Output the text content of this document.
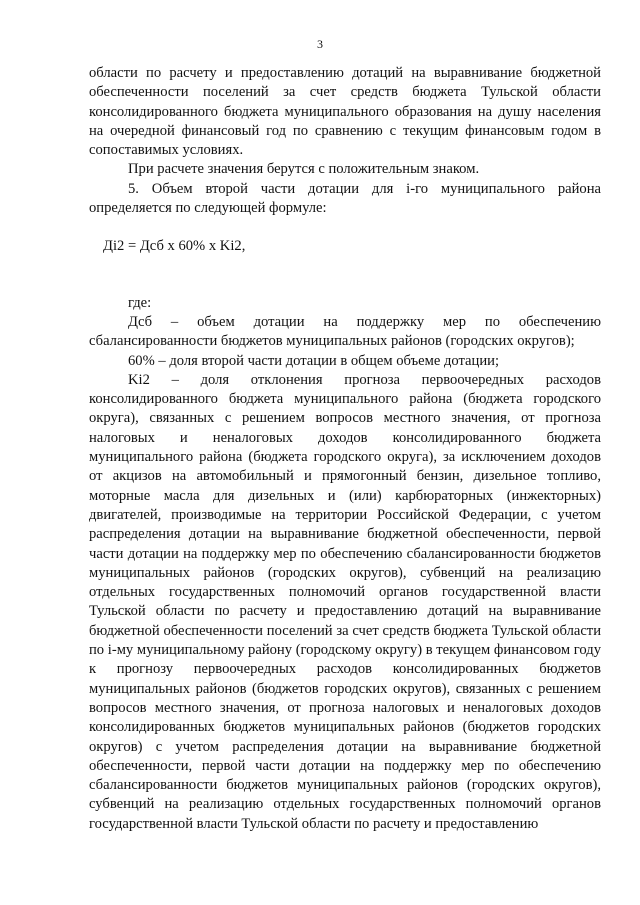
3

области по расчету и предоставлению дотаций на выравнивание бюджетной обеспеченности поселений за счет средств бюджета Тульской области консолидированного бюджета муниципального образования на душу населения на очередной финансовый год по сравнению с текущим финансовым годом в сопоставимых условиях.

При расчете значения берутся с положительным знаком.

5. Объем второй части дотации для i-го муниципального района определяется по следующей формуле:

Дi2 = Дсб х 60% х Ki2,

где:

Дсб – объем дотации на поддержку мер по обеспечению сбалансированности бюджетов муниципальных районов (городских округов);

60% – доля второй части дотации в общем объеме дотации;

Ki2 – доля отклонения прогноза первоочередных расходов консолидированного бюджета муниципального района (бюджета городского округа), связанных с решением вопросов местного значения, от прогноза налоговых и неналоговых доходов консолидированного бюджета муниципального района (бюджета городского округа), за исключением доходов от акцизов на автомобильный и прямогонный бензин, дизельное топливо, моторные масла для дизельных и (или) карбюраторных (инжекторных) двигателей, производимые на территории Российской Федерации, с учетом распределения дотации на выравнивание бюджетной обеспеченности, первой части дотации на поддержку мер по обеспечению сбалансированности бюджетов муниципальных районов (городских округов), субвенций на реализацию отдельных государственных полномочий органов государственной власти Тульской области по расчету и предоставлению дотаций на выравнивание бюджетной обеспеченности поселений за счет средств бюджета Тульской области по i-му муниципальному району (городскому округу) в текущем финансовом году к прогнозу первоочередных расходов консолидированных бюджетов муниципальных районов (бюджетов городских округов), связанных с решением вопросов местного значения, от прогноза налоговых и неналоговых доходов консолидированных бюджетов муниципальных районов (бюджетов городских округов) с учетом распределения дотации на выравнивание бюджетной обеспеченности, первой части дотации на поддержку мер по обеспечению сбалансированности бюджетов муниципальных районов (городских округов), субвенций на реализацию отдельных государственных полномочий органов государственной власти Тульской области по расчету и предоставлению
